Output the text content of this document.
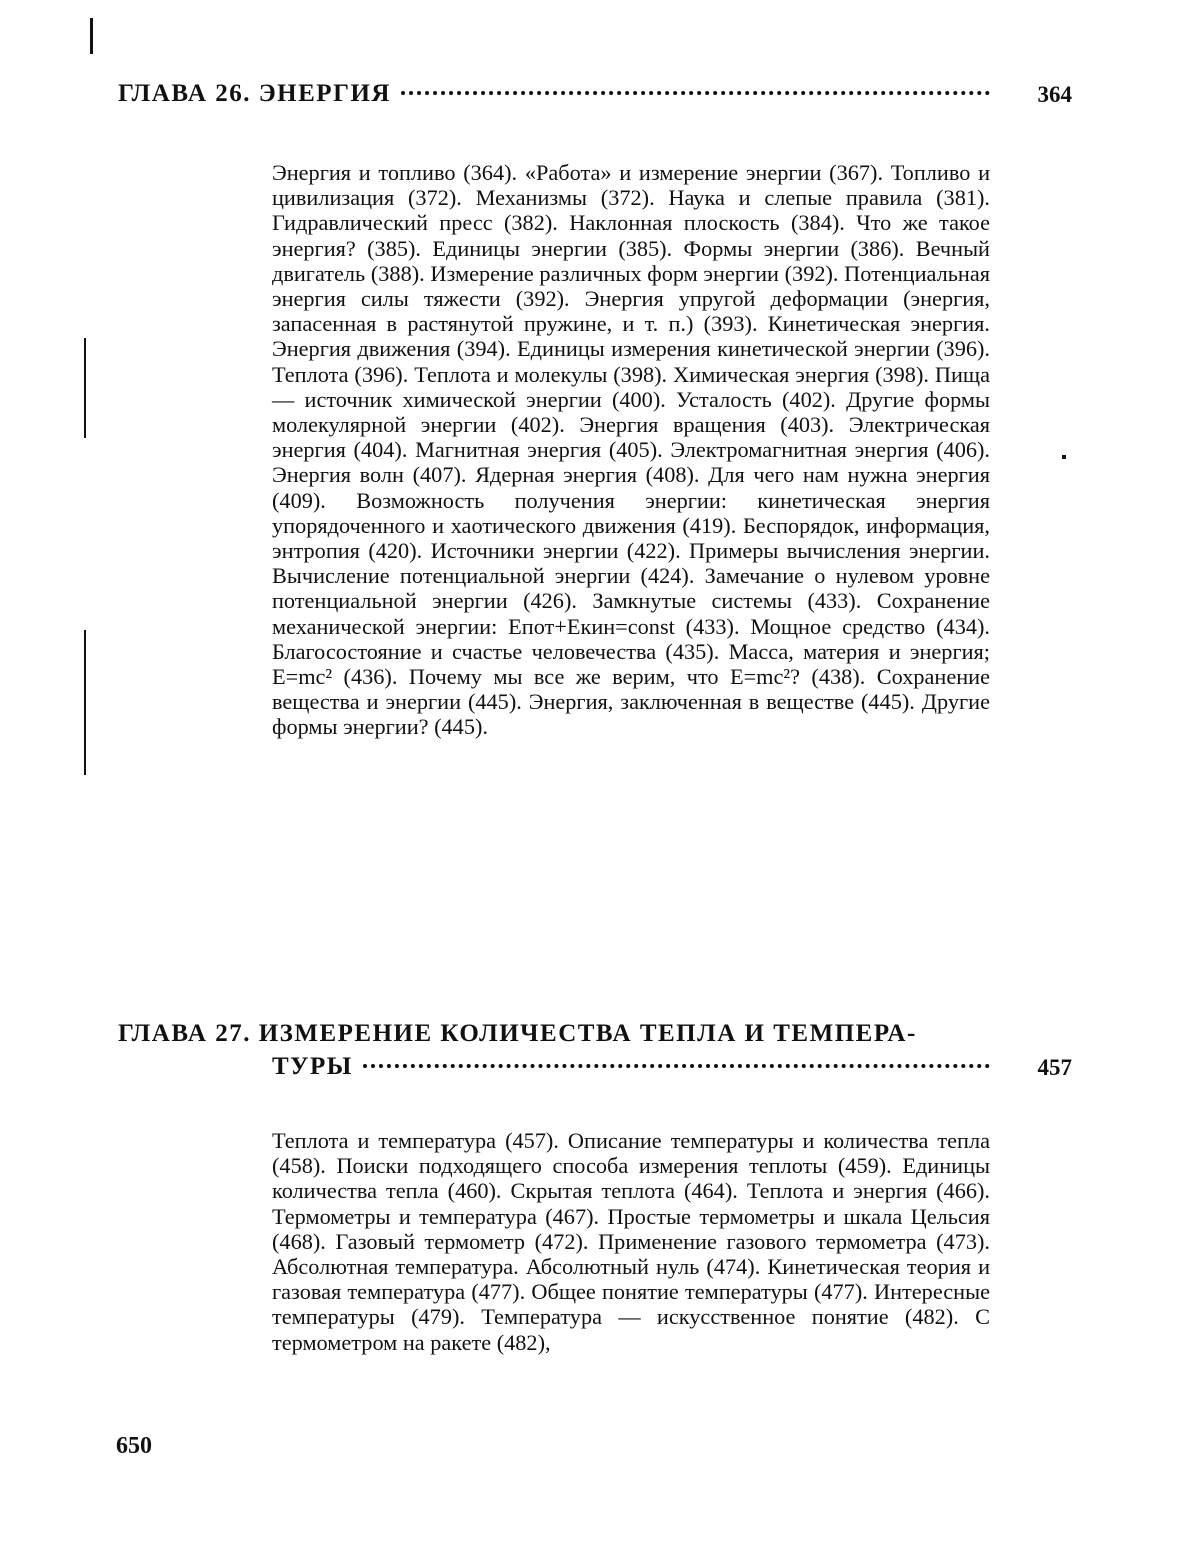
ГЛАВА 26. ЭНЕРГИЯ	364
Энергия и топливо (364). «Работа» и измерение энергии (367). Топливо и цивилизация (372). Механизмы (372). Наука и слепые правила (381). Гидравлический пресс (382). Наклонная плоскость (384). Что же такое энергия? (385). Единицы энергии (385). Формы энергии (386). Вечный двигатель (388). Измерение различных форм энергии (392). Потенциальная энергия силы тяжести (392). Энергия упругой деформации (энергия, запасенная в растянутой пружине, и т. п.) (393). Кинетическая энергия. Энергия движения (394). Единицы измерения кинетической энергии (396). Теплота (396). Теплота и молекулы (398). Химическая энергия (398). Пища — источник химической энергии (400). Усталость (402). Другие формы молекулярной энергии (402). Энергия вращения (403). Электрическая энергия (404). Магнитная энергия (405). Электромагнитная энергия (406). Энергия волн (407). Ядерная энергия (408). Для чего нам нужна энергия (409). Возможность получения энергии: кинетическая энергия упорядоченного и хаотического движения (419). Беспорядок, информация, энтропия (420). Источники энергии (422). Примеры вычисления энергии. Вычисление потенциальной энергии (424). Замечание о нулевом уровне потенциальной энергии (426). Замкнутые системы (433). Сохранение механической энергии: Eпот+Eкин=const (433). Мощное средство (434). Благосостояние и счастье человечества (435). Масса, материя и энергия; E=mc² (436). Почему мы все же верим, что E=mc²? (438). Сохранение вещества и энергии (445). Энергия, заключенная в веществе (445). Другие формы энергии? (445).
ГЛАВА 27. ИЗМЕРЕНИЕ КОЛИЧЕСТВА ТЕПЛА И ТЕМПЕРА-
ТУРЫ	457
Теплота и температура (457). Описание температуры и количества тепла (458). Поиски подходящего способа измерения теплоты (459). Единицы количества тепла (460). Скрытая теплота (464). Теплота и энергия (466). Термометры и температура (467). Простые термометры и шкала Цельсия (468). Газовый термометр (472). Применение газового термометра (473). Абсолютная температура. Абсолютный нуль (474). Кинетическая теория и газовая температура (477). Общее понятие температуры (477). Интересные температуры (479). Температура — искусственное понятие (482). С термометром на ракете (482),
650
